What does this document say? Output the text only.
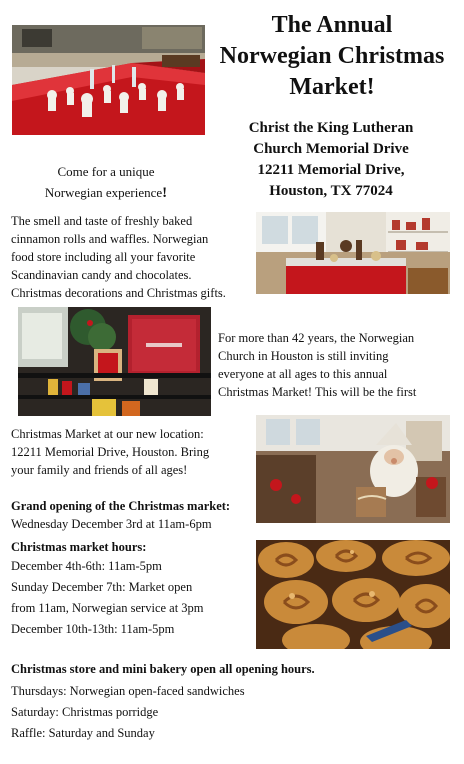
The Annual
Norwegian Christmas
Market!
Christ the King Lutheran
Church Memorial Drive
12211 Memorial Drive,
Houston, TX 77024
Come for a unique
Norwegian experience!
The smell and taste of freshly baked
cinnamon rolls and waffles. Norwegian
food store including all your favorite
Scandinavian candy and chocolates.
Christmas decorations and Christmas gifts.
For more than 42 years, the Norwegian
Church in Houston is still inviting
everyone at all ages to this annual
Christmas Market! This will be the first
Christmas Market at our new location:
12211 Memorial Drive, Houston. Bring
your family and friends of all ages!
Grand opening of the Christmas market:
Wednesday December 3rd at 11am-6pm
Christmas market hours:
December 4th-6th: 11am-5pm
Sunday December 7th: Market open
from 11am, Norwegian service at 3pm
December 10th-13th: 11am-5pm
Christmas store and mini bakery open all opening hours.
Thursdays: Norwegian open-faced sandwiches
Saturday: Christmas porridge
Raffle: Saturday and Sunday
